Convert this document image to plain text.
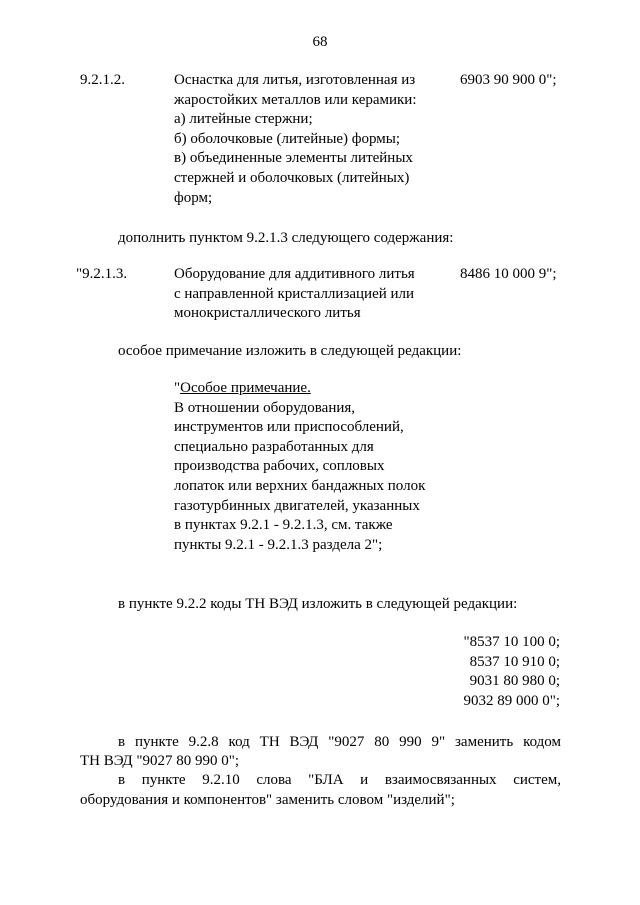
68
9.2.1.2.	Оснастка для литья, изготовленная из
жаростойких металлов или керамики:
а) литейные стержни;
б) оболочковые (литейные) формы;
в) объединенные элементы литейных
стержней и оболочковых (литейных)
форм;
6903 90 900 0";
дополнить пунктом 9.2.1.3 следующего содержания:
"9.2.1.3.	Оборудование для аддитивного литья
с направленной кристаллизацией или
монокристаллического литья
8486 10 000 9";
особое примечание изложить в следующей редакции:
"Особое примечание.
В отношении оборудования,
инструментов или приспособлений,
специально разработанных для
производства рабочих, сопловых
лопаток или верхних бандажных полок
газотурбинных двигателей, указанных
в пунктах 9.2.1 - 9.2.1.3, см. также
пункты 9.2.1 - 9.2.1.3 раздела 2";
в пункте 9.2.2 коды ТН ВЭД изложить в следующей редакции:
"8537 10 100 0;
8537 10 910 0;
9031 80 980 0;
9032 89 000 0";
в пункте 9.2.8 код ТН ВЭД "9027 80 990 9" заменить кодом
ТН ВЭД "9027 80 990 0";
в пункте 9.2.10 слова "БЛА и взаимосвязанных систем,
оборудования и компонентов" заменить словом "изделий";
